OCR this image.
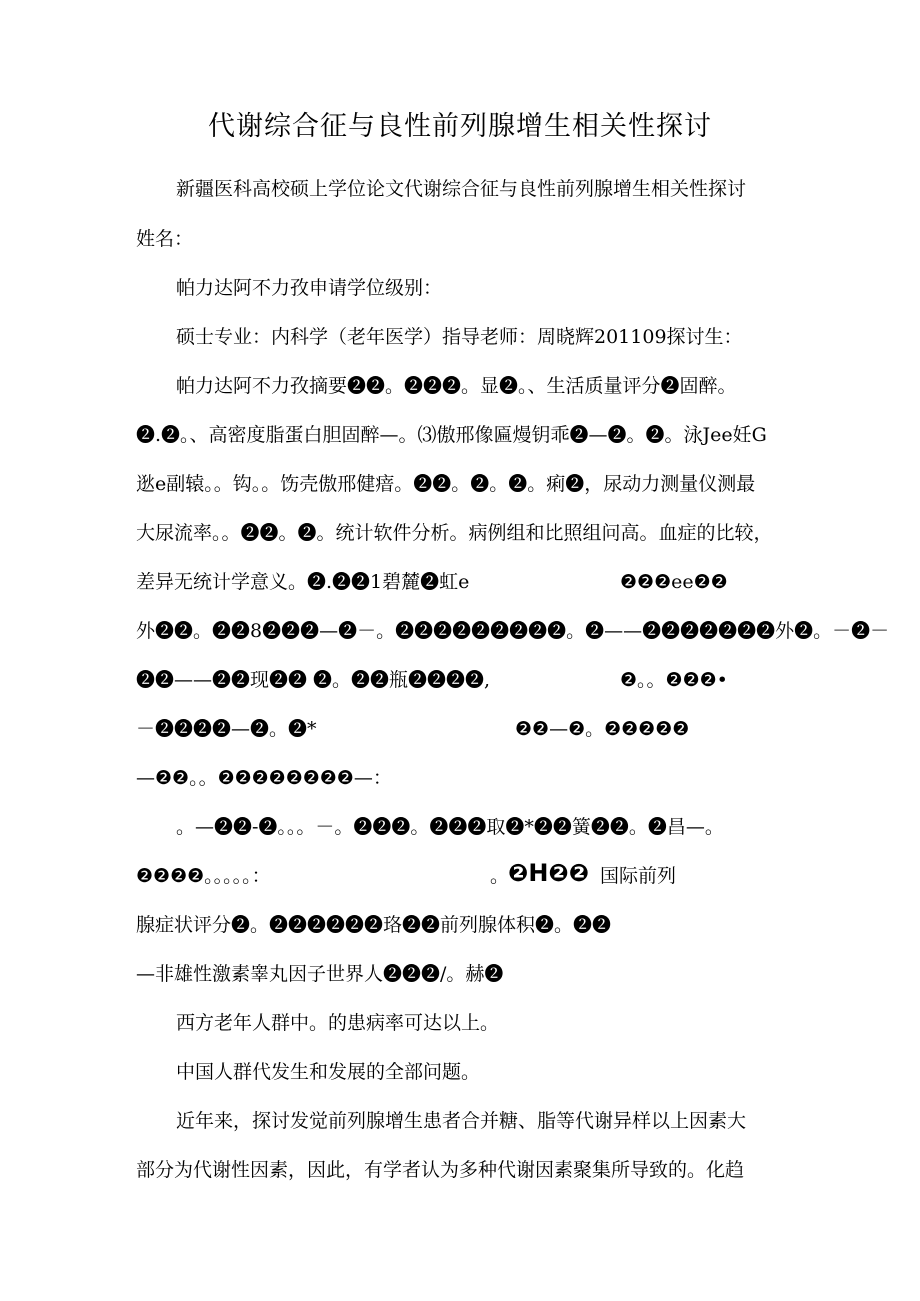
代谢综合征与良性前列腺增生相关性探讨
新疆医科高校硕上学位论文代谢综合征与良性前列腺增生相关性探讨
姓名：
帕力达阿不力孜申请学位级别：
硕士专业：内科学（老年医学）指导老师：周晓辉201109探讨生：
帕力达阿不力孜摘要❷❷。❷❷❷。显❷。、生活质量评分❷固醉。
❷.❷。、高密度脂蛋白胆固醉—。⑶傲邢像匾熳钥乖❷—❷。❷。泳Jee妊G
逖e副辕。。钩。。饬壳傲邢健瘖。❷❷。❷。❷。痢❷，尿动力测量仪测最
大尿流率。。❷❷。❷。统计软件分析。病例组和比照组问高。血症的比较，
差异无统计学意义。❷.❷❷1碧麓❷虹e	❷❷❷ee❷❷
外❷❷。❷❷8❷❷❷—❷－。❷❷❷❷❷❷❷❷❷。❷——❷❷❷❷❷❷❷外❷。－❷－
❷❷——❷❷现❷❷ ❷。❷❷瓶❷❷❷❷,	❷。。❷❷❷•
－❷❷❷❷—❷。❷*	❷❷—❷。❷❷❷❷❷
—❷❷。。❷❷❷❷❷❷❷❷—：
。—❷❷-❷。。。－。❷❷❷。❷❷❷取❷*❷❷簧❷❷。❷昌—。
❷❷❷❷。。。。。：	。
❷H❷❷ 国际前列
腺症状评分❷。❷❷❷❷❷❷珞❷❷前列腺体积❷。❷❷
—非雄性激素睾丸因子世界人❷❷❷/。赫❷
西方老年人群中。的患病率可达以上。
中国人群代发生和发展的全部问题。
近年来，探讨发觉前列腺增生患者合并糖、脂等代谢异样以上因素大
部分为代谢性因素，因此，有学者认为多种代谢因素聚集所导致的。化趋
